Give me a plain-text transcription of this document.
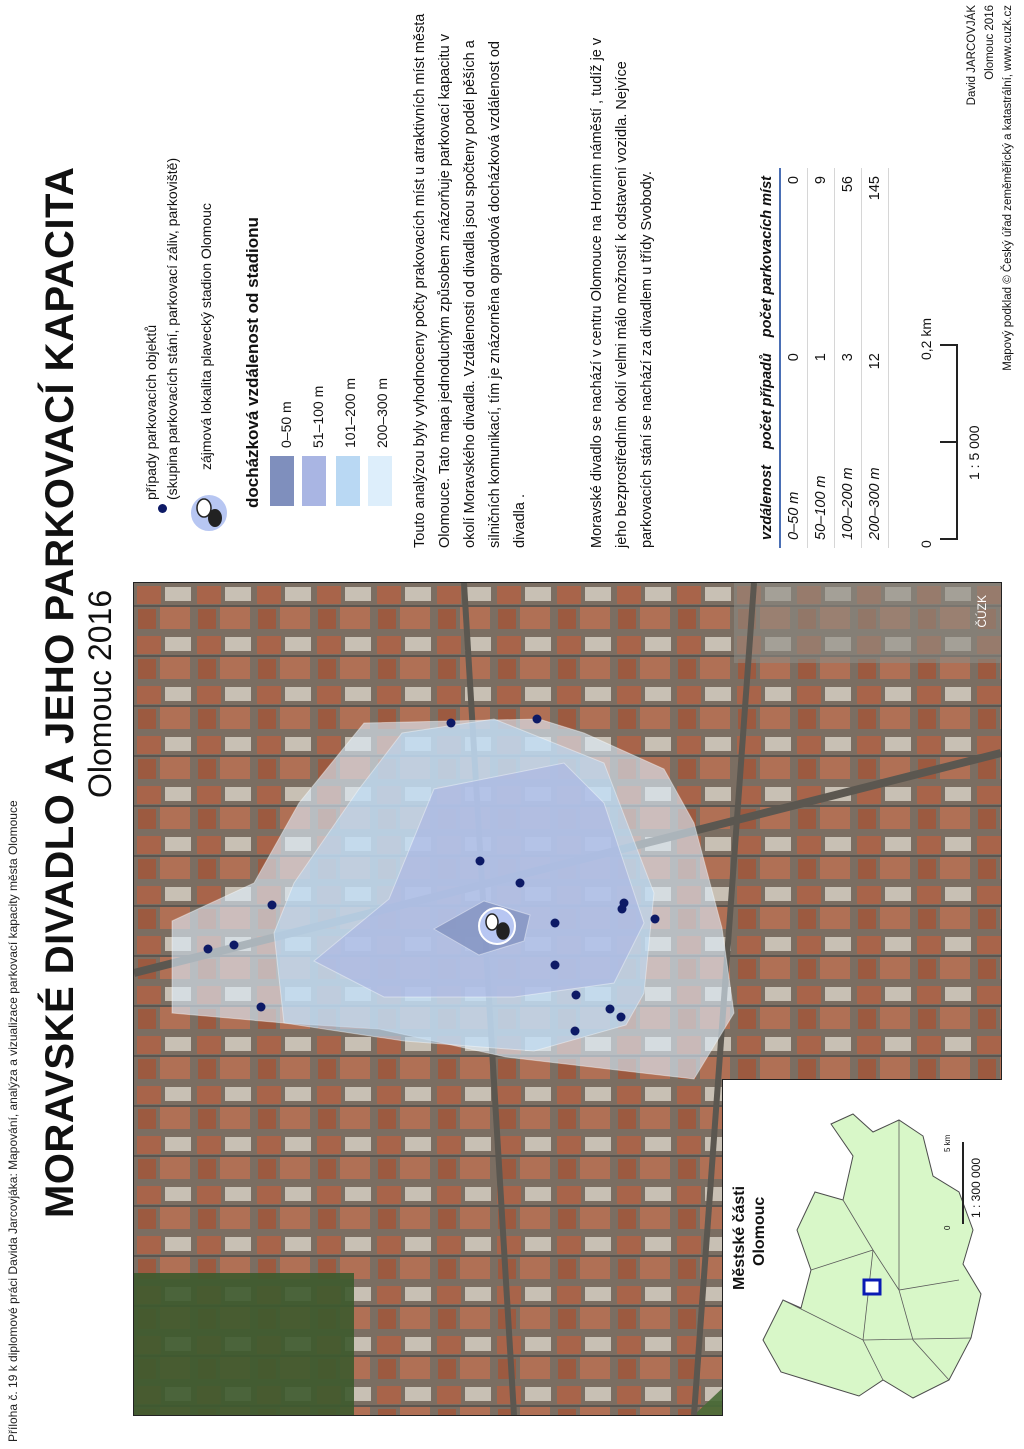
Příloha č. 19 k diplomové práci Davida Jarcovjáka: Mapování, analýza a vizualizace parkovací kapacity města Olomouce MORAVSKÉ DIVADLO A JEHO PARKOVACÍ KAPACITA Olomouc 2016	ČÚZK
Městské části Olomouc	0
5 km
1 : 300 000
případy parkovacích objektů (skupina parkovacích stání, parkovací záliv, parkoviště) zájmová lokalita plavecký stadion Olomouc docházková vzdálenost od stadionu 0–50 m 51–100 m 101–200 m 200–300 m Touto analýzou byly vyhodnoceny počty prakovacích míst u atraktivních míst města Olomouce. Tato mapa jednoduchým způsobem znázorňuje parkovací kapacitu v okolí Moravského divadla. Vzdálenosti od divadla jsou spočteny podél pěších a silničních komunikací, tím je znázorněna opravdová docházková vzdálenost od divadla .	Moravské divadlo se nachází v centru Olomouce na Horním náměstí , tudíž je v jeho bezprostředním okolí velmi málo možností k odstavení vozidla. Nejvíce parkovacích stání se nachází za divadlem u třídy Svobody.	vzdálenost	počet případů	počet parkovacích míst
0–50 m	0	0
50–100 m	1	9
100–200 m	3	56
200–300 m	12	145
0
0,2 km
1 : 5 000
David JARCOVJÁK Olomouc 2016 Mapový podklad © Český úřad zeměměřický a katastrální, www.cuzk.cz
